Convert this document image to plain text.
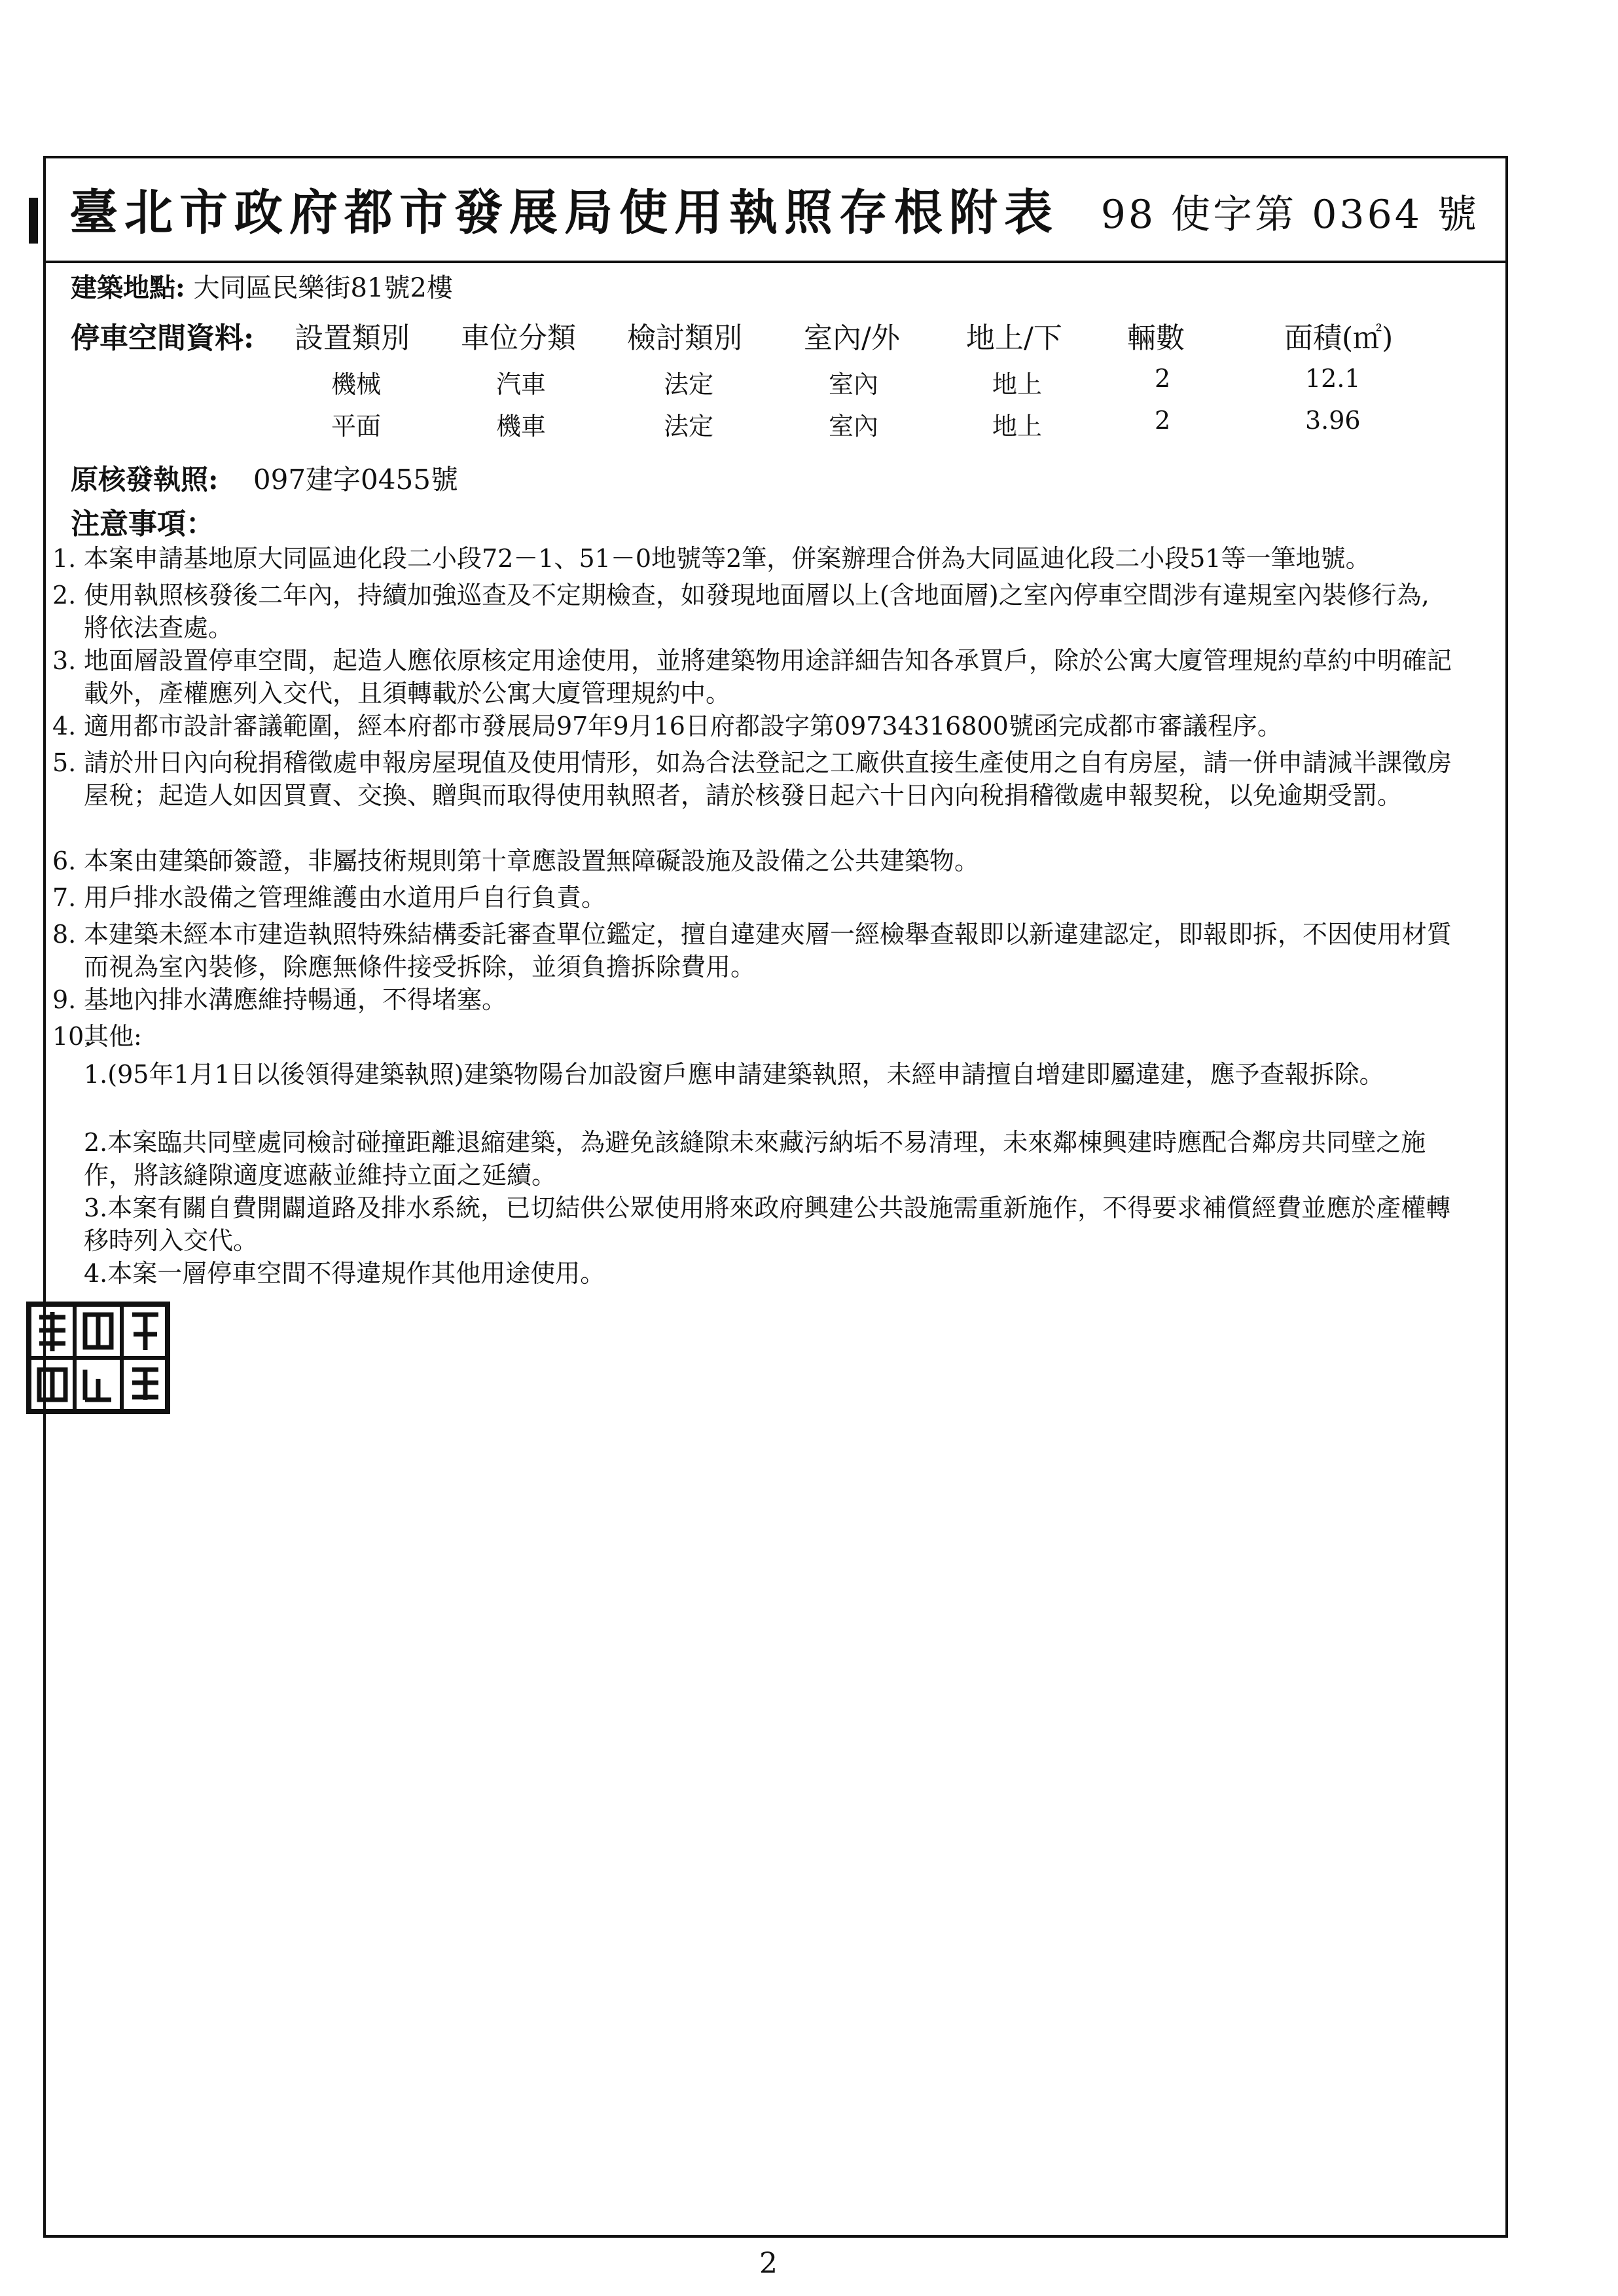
臺北市政府都市發展局使用執照存根附表 98 使字第 0364 號
建築地點: 大同區民樂街81號2樓
停車空間資料: 設置類別 車位分類 檢討類別 室內/外 地上/下 輛數	面積(㎡)
機械	汽車	法定	室內	地上	2	12.1
平面	機車	法定	室內	地上	2	3.96
原核發執照: 097建字0455號
注意事項：
1. 本案申請基地原大同區迪化段二小段72－1、51－0地號等2筆，併案辦理合併為大同區迪化段二小段51等一筆地號。
2. 使用執照核發後二年內，持續加強巡查及不定期檢查，如發現地面層以上(含地面層)之室內停車空間涉有違規室內裝修行為,將依法查處。
3. 地面層設置停車空間，起造人應依原核定用途使用，並將建築物用途詳細告知各承買戶，除於公寓大廈管理規約草約中明確記載外，產權應列入交代，且須轉載於公寓大廈管理規約中。
4. 適用都市設計審議範圍，經本府都市發展局97年9月16日府都設字第09734316800號函完成都市審議程序。
5. 請於卅日內向稅捐稽徵處申報房屋現值及使用情形，如為合法登記之工廠供直接生產使用之自有房屋，請一併申請減半課徵房屋稅；起造人如因買賣、交換、贈與而取得使用執照者，請於核發日起六十日內向稅捐稽徵處申報契稅，以免逾期受罰。
6. 本案由建築師簽證，非屬技術規則第十章應設置無障礙設施及設備之公共建築物。
7. 用戶排水設備之管理維護由水道用戶自行負責。
8. 本建築未經本市建造執照特殊結構委託審查單位鑑定，擅自違建夾層一經檢舉查報即以新違建認定，即報即拆，不因使用材質而視為室內裝修，除應無條件接受拆除，並須負擔拆除費用。
9. 基地內排水溝應維持暢通，不得堵塞。
10.
其他:
1.(95年1月1日以後領得建築執照)建築物陽台加設窗戶應申請建築執照，未經申請擅自增建即屬違建，應予查報拆除。
2.本案臨共同壁處同檢討碰撞距離退縮建築，為避免該縫隙未來藏污納垢不易清理，未來鄰棟興建時應配合鄰房共同壁之施作，將該縫隙適度遮蔽並維持立面之延續。
3.本案有關自費開闢道路及排水系統，已切結供公眾使用將來政府興建公共設施需重新施作，不得要求補償經費並應於產權轉移時列入交代。
4.本案一層停車空間不得違規作其他用途使用。
2
